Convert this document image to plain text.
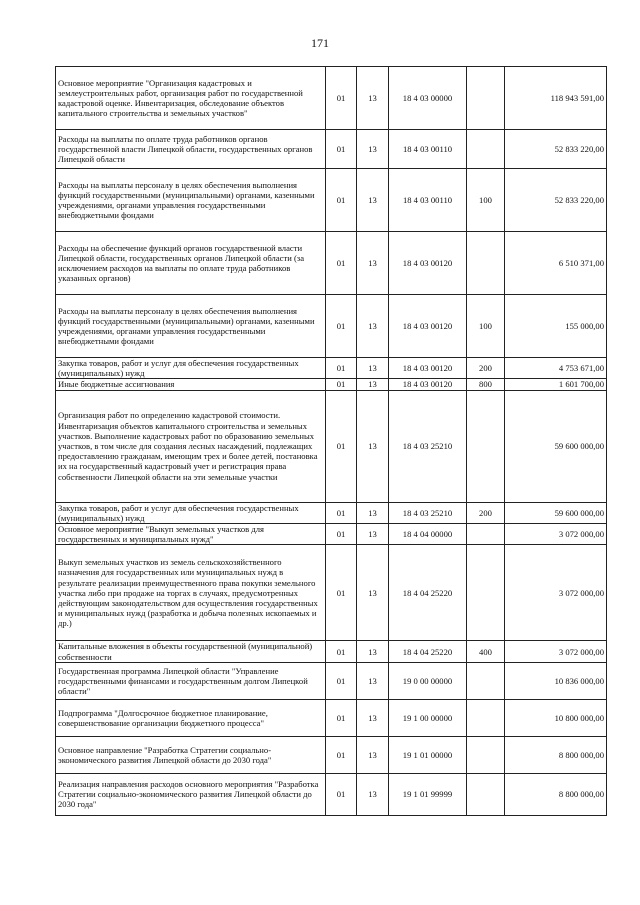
171
Основное мероприятие "Организация кадастровых и землеустроительных работ, организация работ по государственной кадастровой оценке. Инвентаризация, обследование объектов капитального строительства и земельных участков"	01	13	18 4 03 00000		118 943 591,00
Расходы на выплаты по оплате труда работников органов государственной власти Липецкой области, государственных органов Липецкой области	01	13	18 4 03 00110		52 833 220,00
Расходы на выплаты персоналу в целях обеспечения выполнения функций государственными (муниципальными) органами, казенными учреждениями, органами управления государственными внебюджетными фондами	01	13	18 4 03 00110	100	52 833 220,00
Расходы на обеспечение функций органов государственной власти Липецкой области, государственных органов Липецкой области (за исключением расходов на выплаты по оплате труда работников указанных органов)	01	13	18 4 03 00120		6 510 371,00
Расходы на выплаты персоналу в целях обеспечения выполнения функций государственными (муниципальными) органами, казенными учреждениями, органами управления государственными внебюджетными фондами	01	13	18 4 03 00120	100	155 000,00
Закупка товаров, работ и услуг для обеспечения государственных (муниципальных) нужд	01	13	18 4 03 00120	200	4 753 671,00
Иные бюджетные ассигнования	01	13	18 4 03 00120	800	1 601 700,00
Организация работ по определению кадастровой стоимости. Инвентаризация объектов капитального строительства и земельных участков. Выполнение кадастровых работ по образованию земельных участков, в том числе для создания лесных насаждений, подлежащих предоставлению гражданам, имеющим трех и более детей, постановка их на государственный кадастровый учет и регистрация права собственности Липецкой области на эти земельные участки	01	13	18 4 03 25210		59 600 000,00
Закупка товаров, работ и услуг для обеспечения государственных (муниципальных) нужд	01	13	18 4 03 25210	200	59 600 000,00
Основное мероприятие "Выкуп земельных участков для государственных и муниципальных нужд"	01	13	18 4 04 00000		3 072 000,00
Выкуп земельных участков из земель сельскохозяйственного назначения для государственных или муниципальных нужд в результате реализации преимущественного права покупки земельного участка либо при продаже на торгах в случаях, предусмотренных действующим законодательством для осуществления государственных и муниципальных нужд (разработка и добыча полезных ископаемых и др.)	01	13	18 4 04 25220		3 072 000,00
Капитальные вложения в объекты государственной (муниципальной) собственности	01	13	18 4 04 25220	400	3 072 000,00
Государственная программа Липецкой области "Управление государственными финансами и государственным долгом Липецкой области"	01	13	19 0 00 00000		10 836 000,00
Подпрограмма "Долгосрочное бюджетное планирование, совершенствование организации бюджетного процесса"	01	13	19 1 00 00000		10 800 000,00
Основное направление "Разработка Стратегии социально-экономического развития Липецкой области до 2030 года"	01	13	19 1 01 00000		8 800 000,00
Реализация направления расходов основного мероприятия "Разработка Стратегии социально-экономического развития Липецкой области до 2030 года"	01	13	19 1 01 99999		8 800 000,00
